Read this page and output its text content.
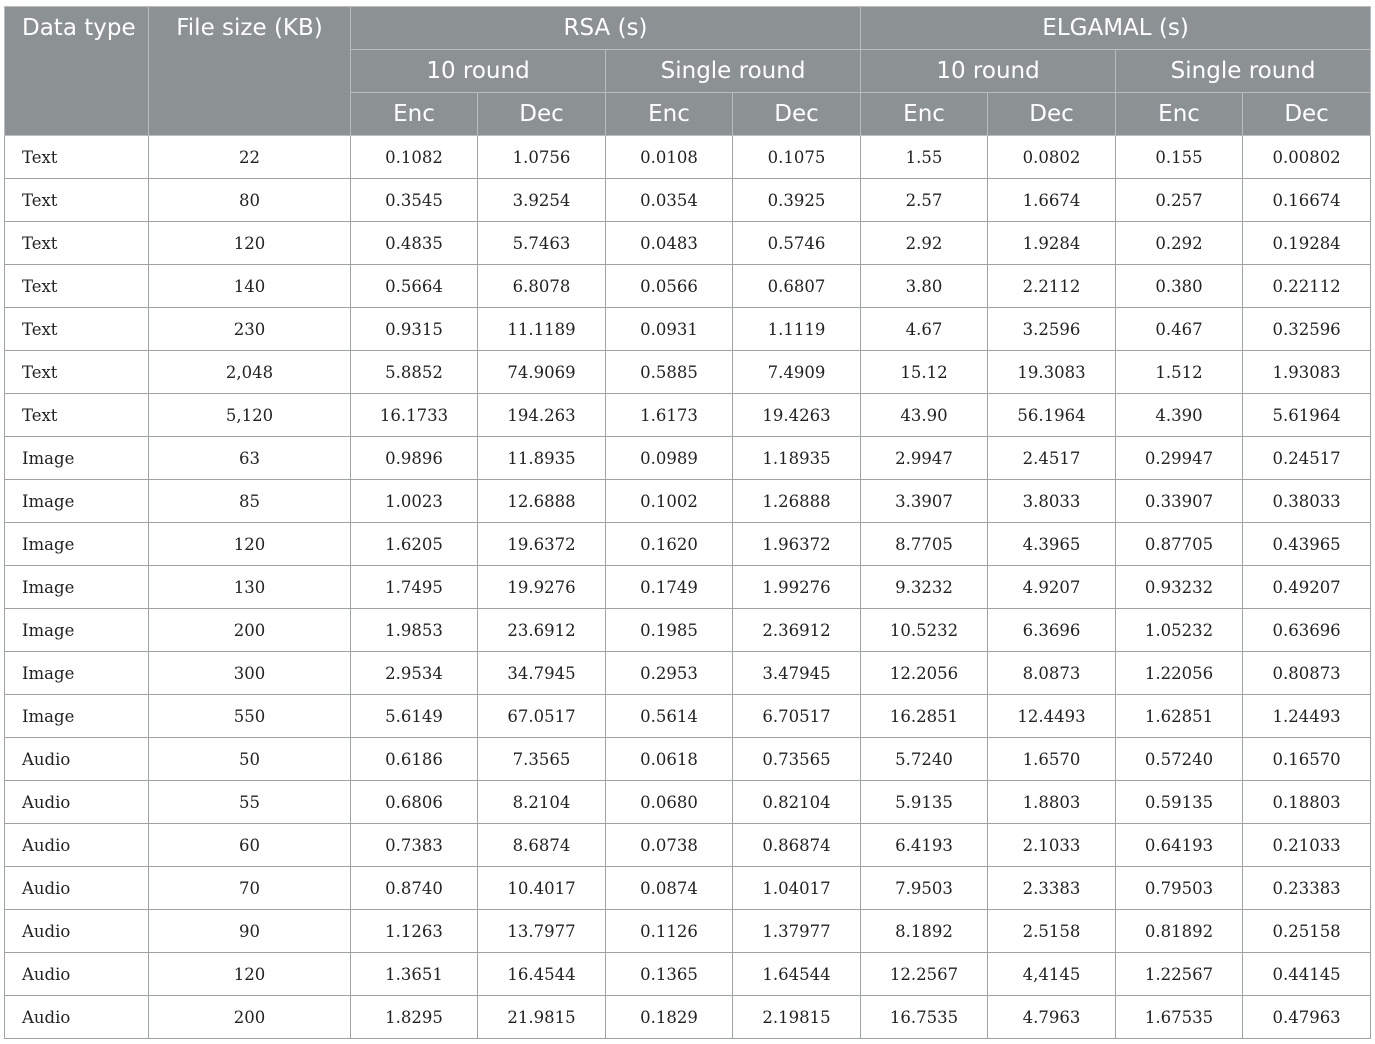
Data type	File size (KB)	RSA (s)				ELGAMAL (s)			
		10 round		Single round		10 round		Single round	
		Enc	Dec	Enc	Dec	Enc	Dec	Enc	Dec
Text	22	0.1082	1.0756	0.0108	0.1075	1.55	0.0802	0.155	0.00802
Text	80	0.3545	3.9254	0.0354	0.3925	2.57	1.6674	0.257	0.16674
Text	120	0.4835	5.7463	0.0483	0.5746	2.92	1.9284	0.292	0.19284
Text	140	0.5664	6.8078	0.0566	0.6807	3.80	2.2112	0.380	0.22112
Text	230	0.9315	11.1189	0.0931	1.1119	4.67	3.2596	0.467	0.32596
Text	2,048	5.8852	74.9069	0.5885	7.4909	15.12	19.3083	1.512	1.93083
Text	5,120	16.1733	194.263	1.6173	19.4263	43.90	56.1964	4.390	5.61964
Image	63	0.9896	11.8935	0.0989	1.18935	2.9947	2.4517	0.29947	0.24517
Image	85	1.0023	12.6888	0.1002	1.26888	3.3907	3.8033	0.33907	0.38033
Image	120	1.6205	19.6372	0.1620	1.96372	8.7705	4.3965	0.87705	0.43965
Image	130	1.7495	19.9276	0.1749	1.99276	9.3232	4.9207	0.93232	0.49207
Image	200	1.9853	23.6912	0.1985	2.36912	10.5232	6.3696	1.05232	0.63696
Image	300	2.9534	34.7945	0.2953	3.47945	12.2056	8.0873	1.22056	0.80873
Image	550	5.6149	67.0517	0.5614	6.70517	16.2851	12.4493	1.62851	1.24493
Audio	50	0.6186	7.3565	0.0618	0.73565	5.7240	1.6570	0.57240	0.16570
Audio	55	0.6806	8.2104	0.0680	0.82104	5.9135	1.8803	0.59135	0.18803
Audio	60	0.7383	8.6874	0.0738	0.86874	6.4193	2.1033	0.64193	0.21033
Audio	70	0.8740	10.4017	0.0874	1.04017	7.9503	2.3383	0.79503	0.23383
Audio	90	1.1263	13.7977	0.1126	1.37977	8.1892	2.5158	0.81892	0.25158
Audio	120	1.3651	16.4544	0.1365	1.64544	12.2567	4,4145	1.22567	0.44145
Audio	200	1.8295	21.9815	0.1829	2.19815	16.7535	4.7963	1.67535	0.47963
